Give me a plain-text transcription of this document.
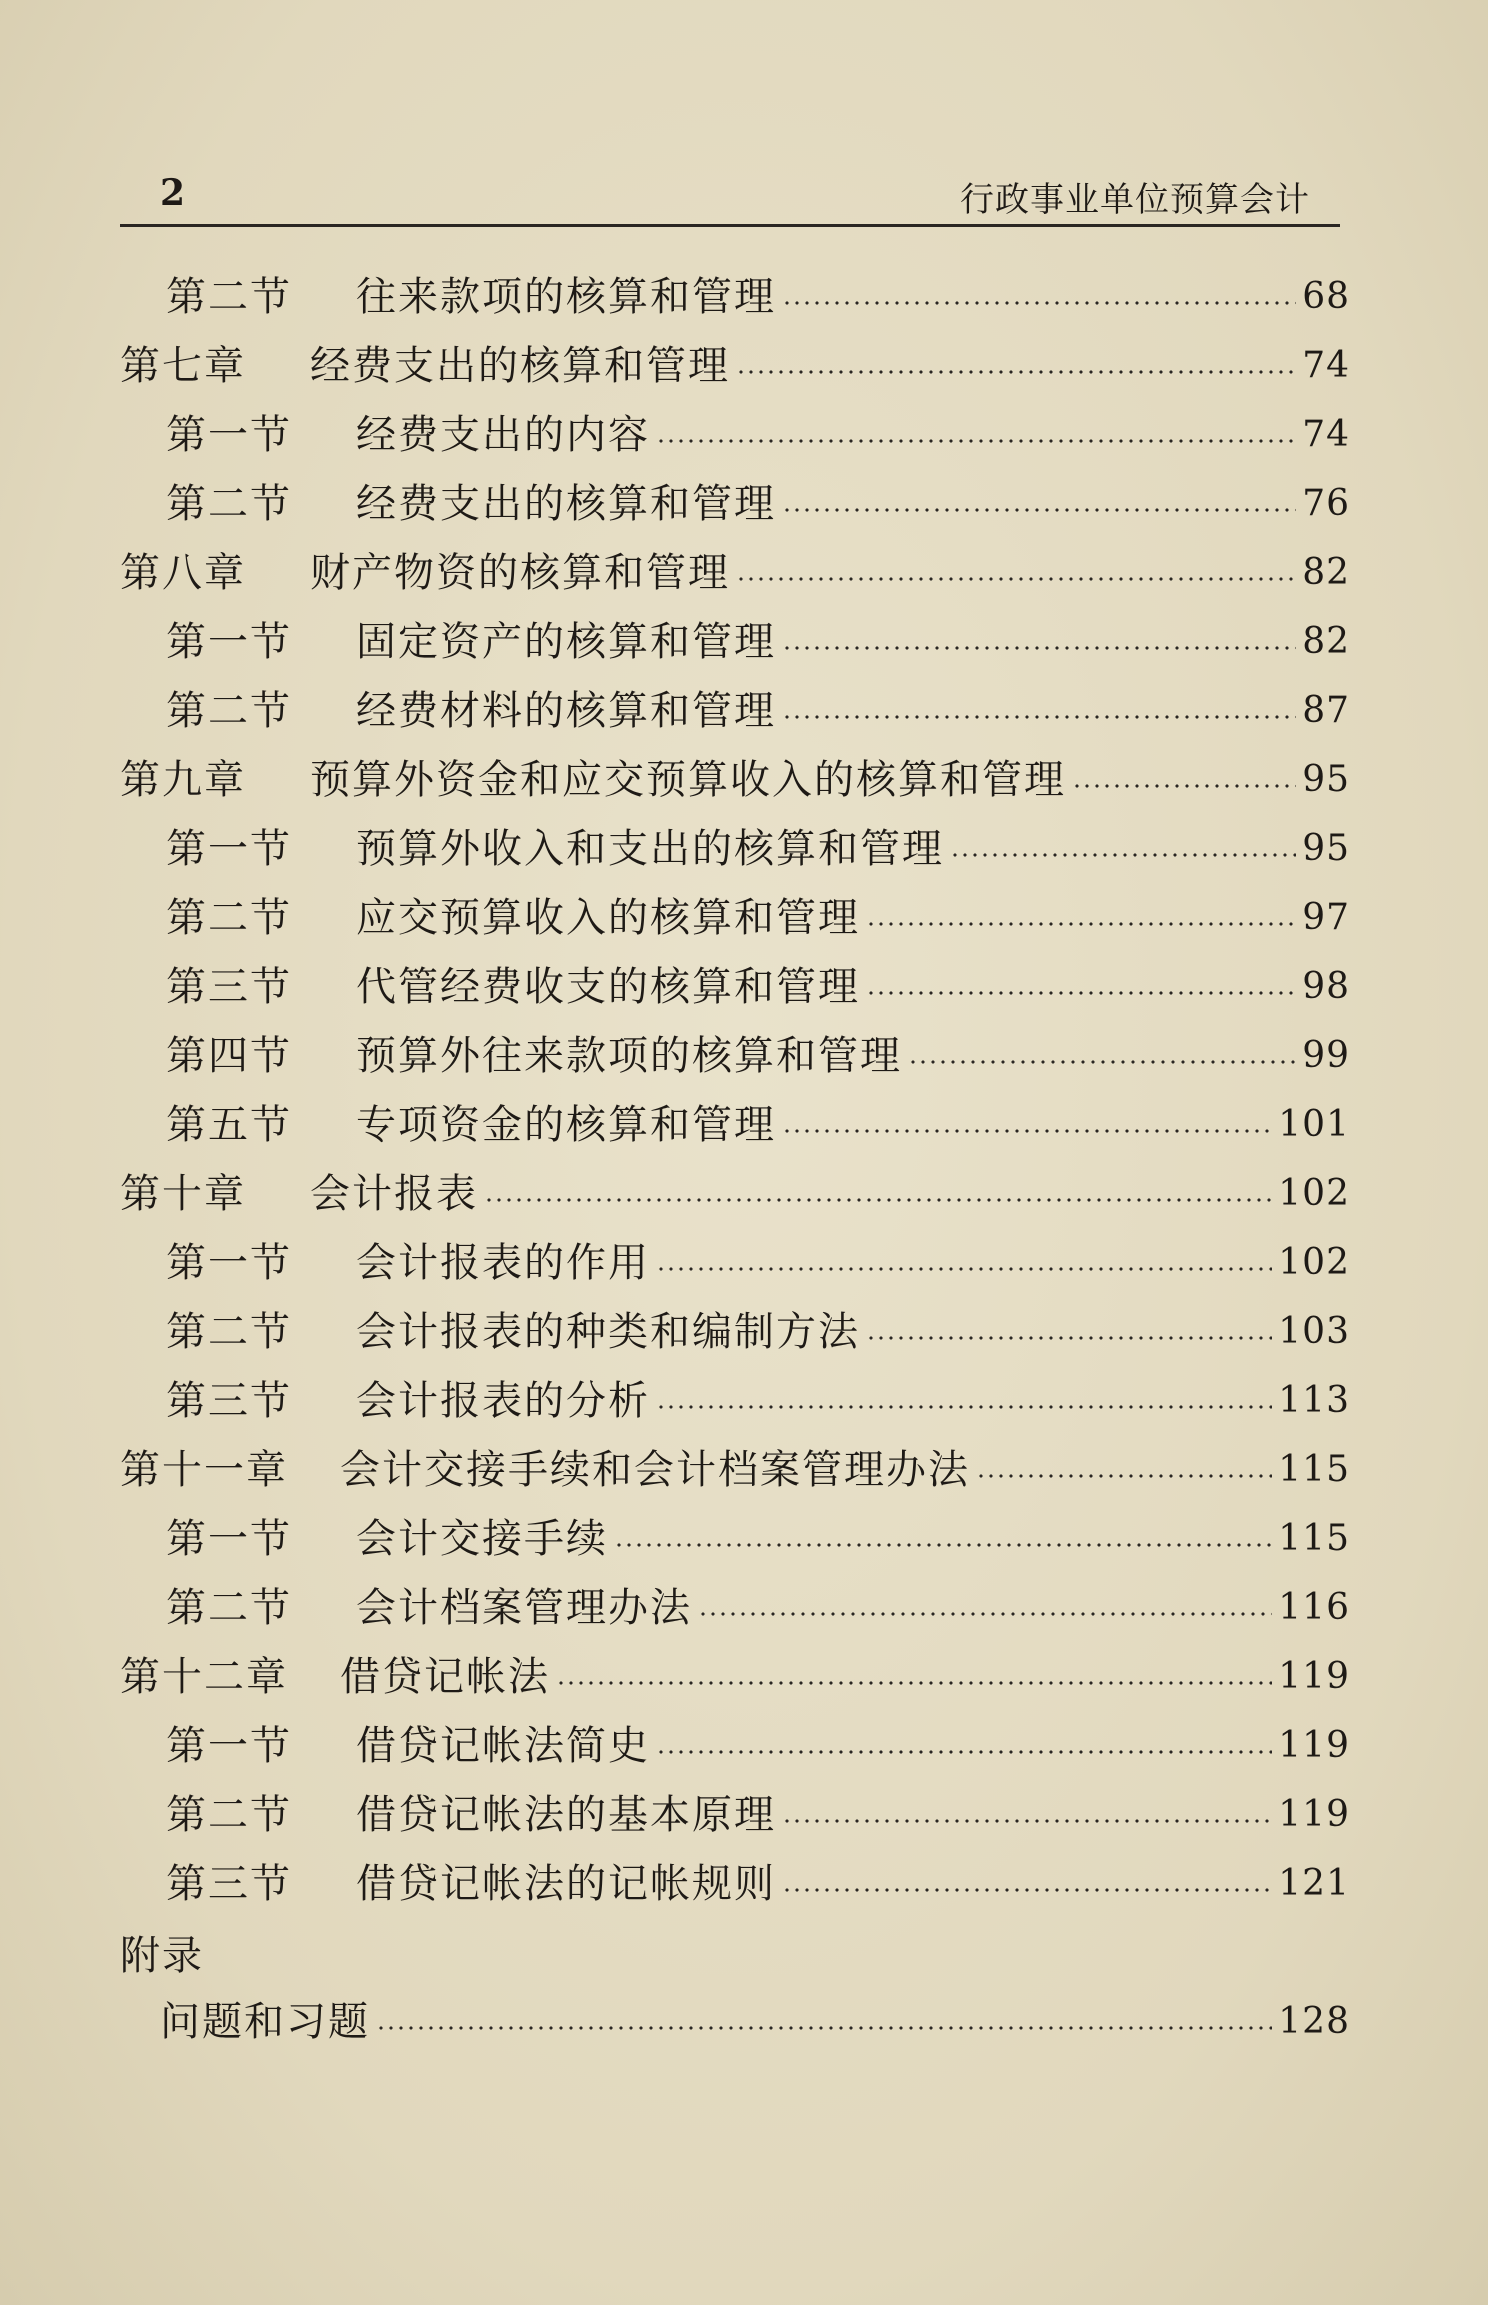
2	行政事业单位预算会计
第二节	往来款项的核算和管理	68
第七章	经费支出的核算和管理	74
第一节	经费支出的内容	74
第二节	经费支出的核算和管理	76
第八章	财产物资的核算和管理	82
第一节	固定资产的核算和管理	82
第二节	经费材料的核算和管理	87
第九章	预算外资金和应交预算收入的核算和管理	95
第一节	预算外收入和支出的核算和管理	95
第二节	应交预算收入的核算和管理	97
第三节	代管经费收支的核算和管理	98
第四节	预算外往来款项的核算和管理	99
第五节	专项资金的核算和管理	101
第十章	会计报表	102
第一节	会计报表的作用	102
第二节	会计报表的种类和编制方法	103
第三节	会计报表的分析	113
第十一章	会计交接手续和会计档案管理办法	115
第一节	会计交接手续	115
第二节	会计档案管理办法	116
第十二章	借贷记帐法	119
第一节	借贷记帐法简史	119
第二节	借贷记帐法的基本原理	119
第三节	借贷记帐法的记帐规则	121
附录
问题和习题	128
